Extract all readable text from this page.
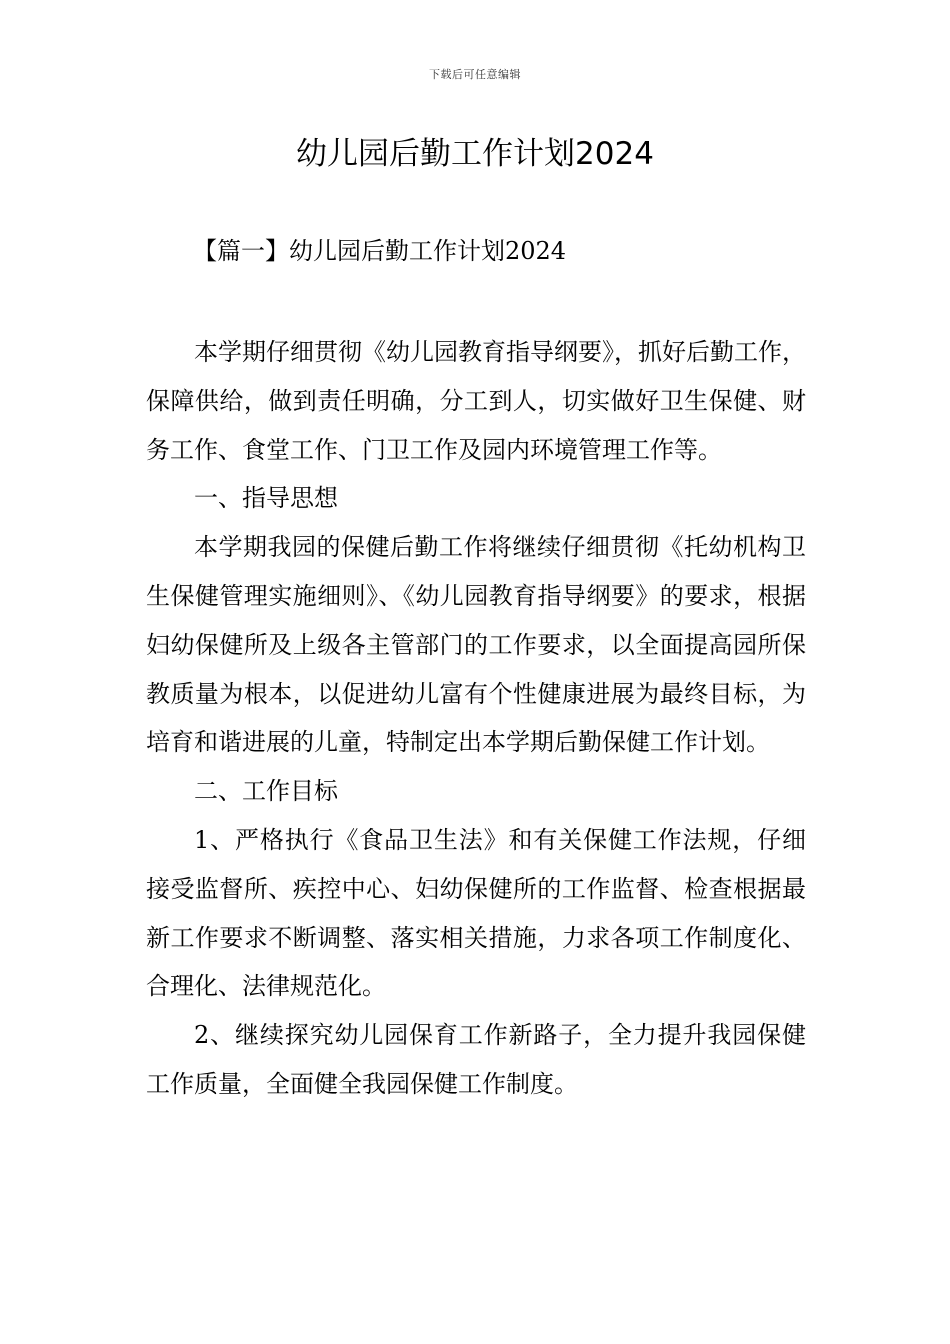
下载后可任意编辑
幼儿园后勤工作计划2024
【篇一】幼儿园后勤工作计划2024

本学期仔细贯彻《幼儿园教育指导纲要》，抓好后勤工作，保障供给，做到责任明确，分工到人，切实做好卫生保健、财务工作、食堂工作、门卫工作及园内环境管理工作等。

一、指导思想

本学期我园的保健后勤工作将继续仔细贯彻《托幼机构卫生保健管理实施细则》、《幼儿园教育指导纲要》的要求，根据妇幼保健所及上级各主管部门的工作要求，以全面提高园所保教质量为根本，以促进幼儿富有个性健康进展为最终目标，为培育和谐进展的儿童，特制定出本学期后勤保健工作计划。

二、工作目标

1、严格执行《食品卫生法》和有关保健工作法规，仔细接受监督所、疾控中心、妇幼保健所的工作监督、检查根据最新工作要求不断调整、落实相关措施，力求各项工作制度化、合理化、法律规范化。

2、继续探究幼儿园保育工作新路子，全力提升我园保健工作质量，全面健全我园保健工作制度。
